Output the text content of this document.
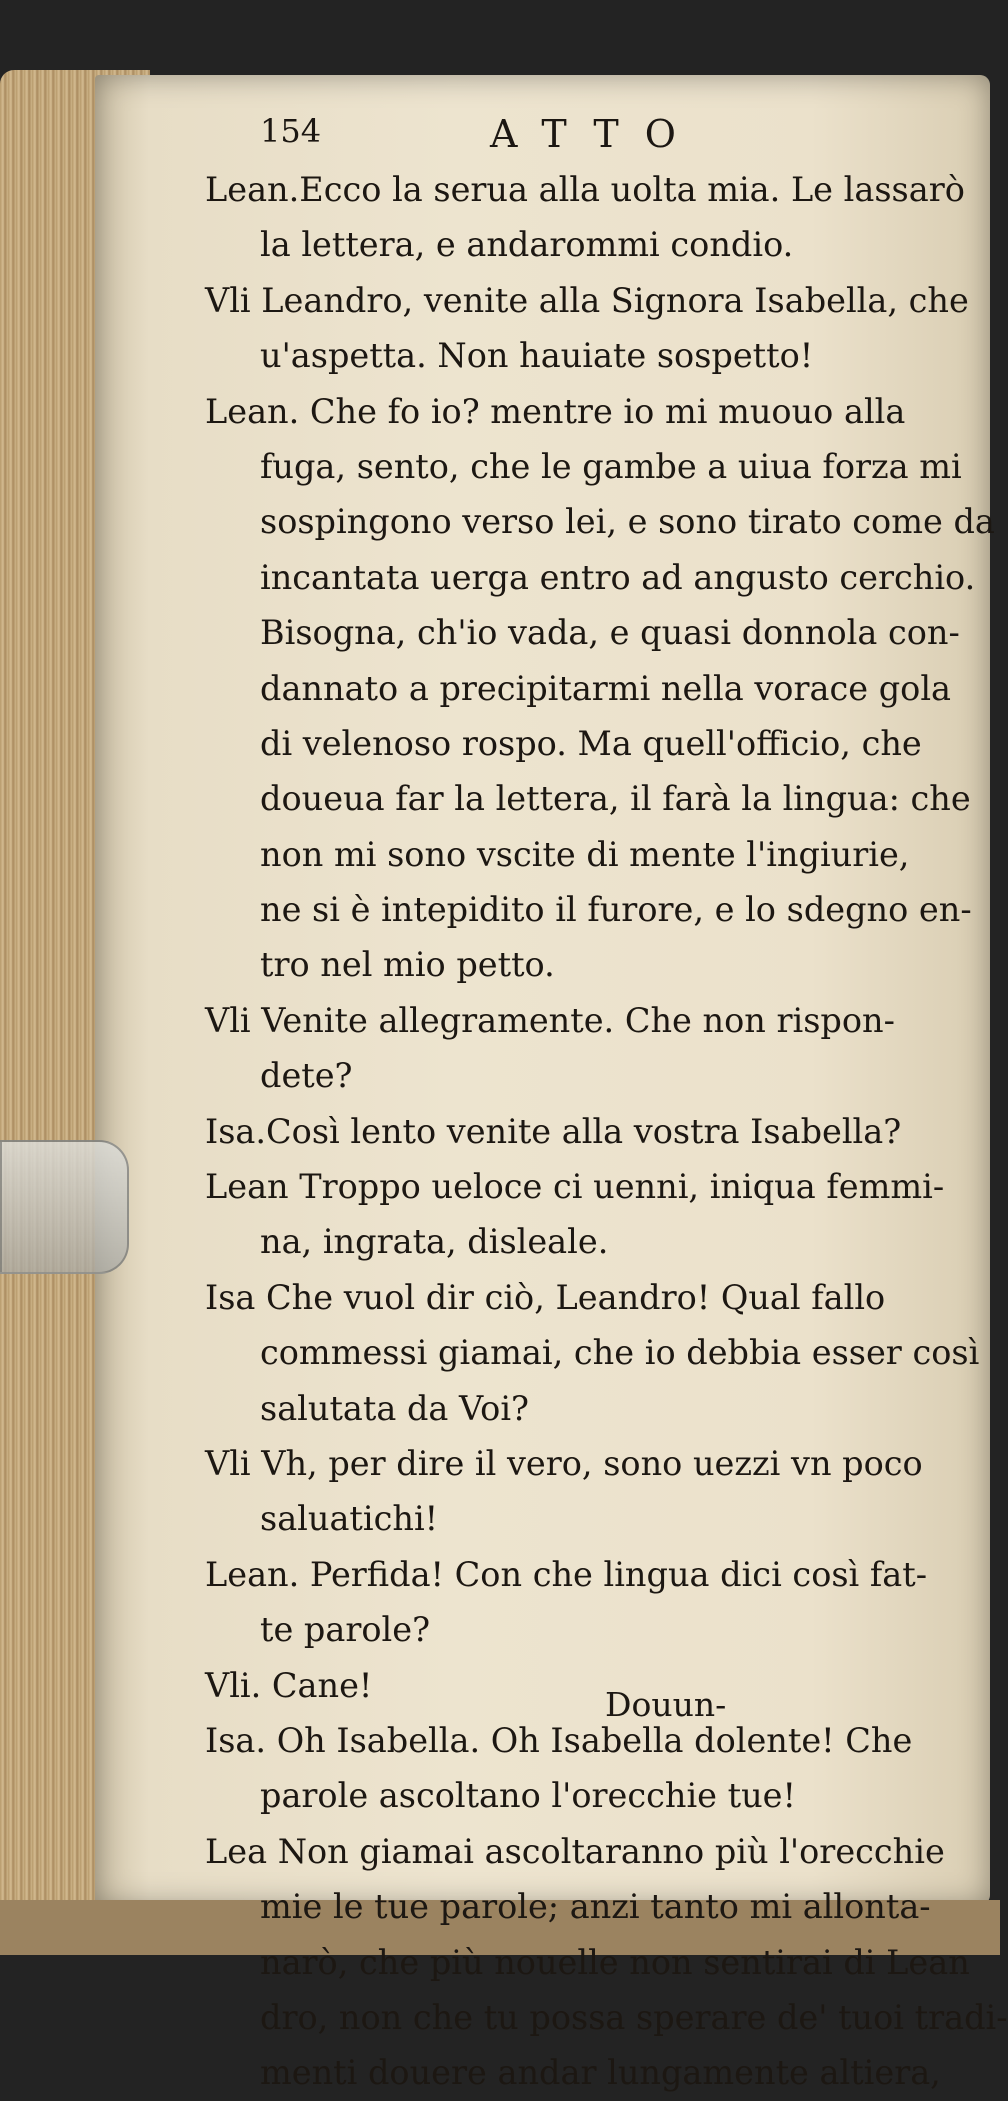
154	ATTO
Lean.Ecco la serua alla uolta mia. Le lassarò
la lettera, e andarommi condio.
Vli Leandro, venite alla Signora Isabella, che
u'aspetta. Non hauiate sospetto!
Lean. Che fo io? mentre io mi muouo alla
fuga, sento, che le gambe a uiua forza mi
sospingono verso lei, e sono tirato come da
incantata uerga entro ad angusto cerchio.
Bisogna, ch'io vada, e quasi donnola con-
dannato a precipitarmi nella vorace gola
di velenoso rospo. Ma quell'officio, che
doueua far la lettera, il farà la lingua: che
non mi sono vscite di mente l'ingiurie,
ne si è intepidito il furore, e lo sdegno en-
tro nel mio petto.
Vli Venite allegramente. Che non rispon-
dete?
Isa.Così lento venite alla vostra Isabella?
Lean Troppo ueloce ci uenni, iniqua femmi-
na, ingrata, disleale.
Isa Che vuol dir ciò, Leandro! Qual fallo
commessi giamai, che io debbia esser così
salutata da Voi?
Vli Vh, per dire il vero, sono uezzi vn poco
saluatichi!
Lean. Perfida! Con che lingua dici così fat-
te parole?
Vli. Cane!
Isa. Oh Isabella. Oh Isabella dolente! Che
parole ascoltano l'orecchie tue!
Lea Non giamai ascoltaranno più l'orecchie
mie le tue parole; anzi tanto mi allonta-
narò, che più nouelle non sentirai di Lean
dro, non che tu possa sperare de' tuoi tradi-
menti douere andar lungamente altiera,
Douun-
